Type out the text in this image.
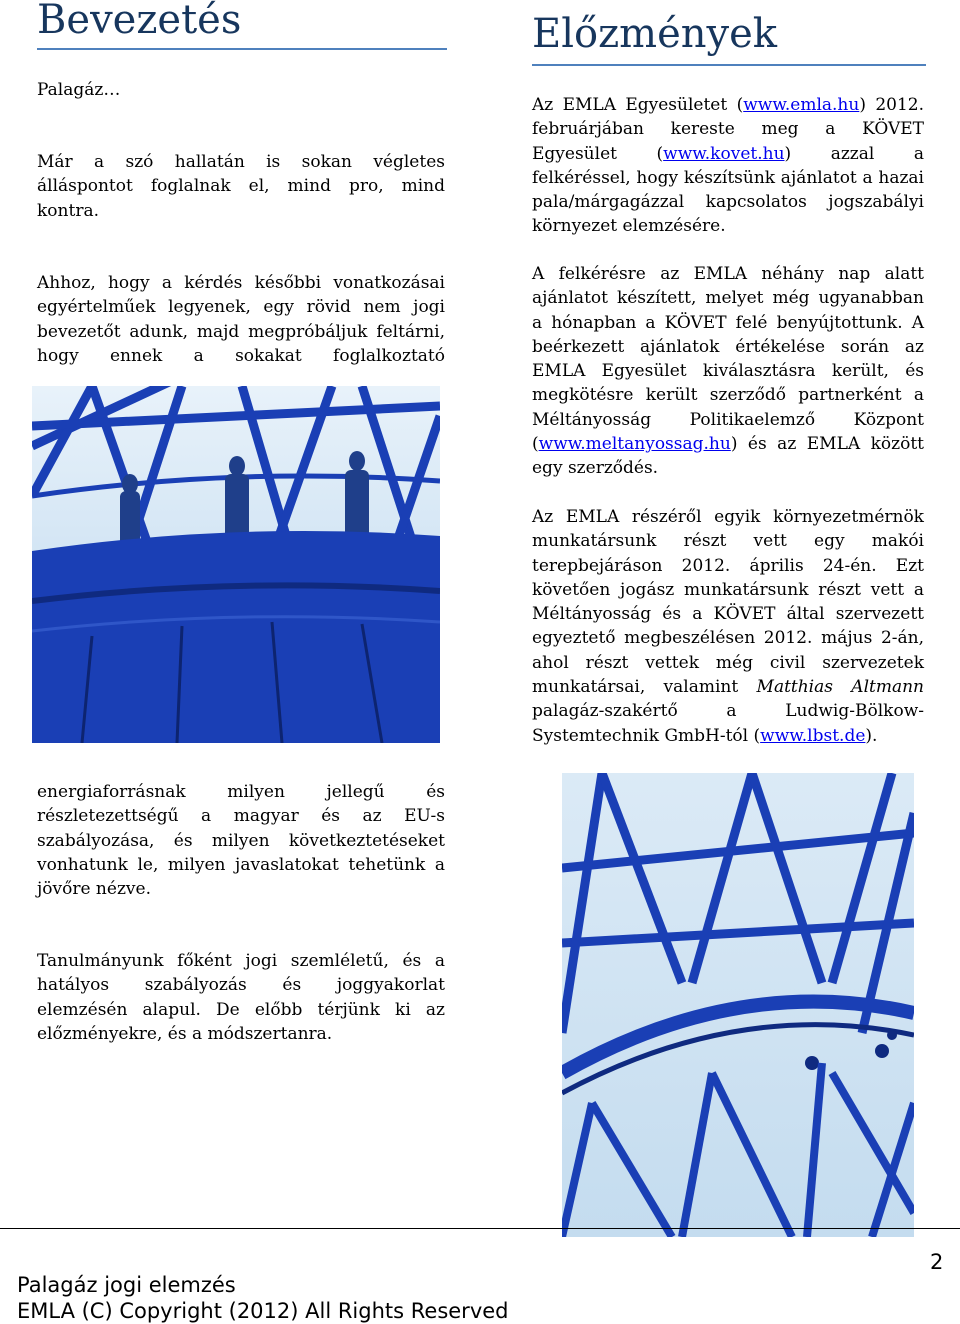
Bevezetés

Palagáz…

Már a szó hallatán is sokan végletes álláspontot foglalnak el, mind pro, mind kontra.

Ahhoz, hogy a kérdés későbbi vonatkozásai egyértelműek legyenek, egy rövid nem jogi bevezetőt adunk, majd megpróbáljuk feltárni, hogy ennek a sokakat foglalkoztató

energiaforrásnak milyen jellegű és részletezettségű a magyar és az EU-s szabályozása, és milyen következtetéseket vonhatunk le, milyen javaslatokat tehetünk a jövőre nézve.

Tanulmányunk főként jogi szemléletű, és a hatályos szabályozás és joggyakorlat elemzésén alapul. De előbb térjünk ki az előzményekre, és a módszertanra.

Előzmények

Az EMLA Egyesületet (www.emla.hu) 2012. februárjában kereste meg a KÖVET Egyesület (www.kovet.hu) azzal a felkéréssel, hogy készítsünk ajánlatot a hazai pala/márgagázzal kapcsolatos jogszabályi környezet elemzésére.

A felkérésre az EMLA néhány nap alatt ajánlatot készített, melyet még ugyanabban a hónapban a KÖVET felé benyújtottunk. A beérkezett ajánlatok értékelése során az EMLA Egyesület kiválasztásra került, és megkötésre került szerződő partnerként a Méltányosság Politikaelemző Központ (www.meltanyossag.hu) és az EMLA között egy szerződés.

Az EMLA részéről egyik környezetmérnök munkatársunk részt vett egy makói terepbejáráson 2012. április 24-én. Ezt követően jogász munkatársunk részt vett a Méltányosság és a KÖVET által szervezett egyeztető megbeszélésen 2012. május 2-án, ahol részt vettek még civil szervezetek munkatársai, valamint Matthias Altmann palagáz-szakértő a Ludwig-Bölkow-Systemtechnik GmbH-tól (www.lbst.de).

Palagáz jogi elemzés
EMLA (C) Copyright (2012) All Rights Reserved
2
